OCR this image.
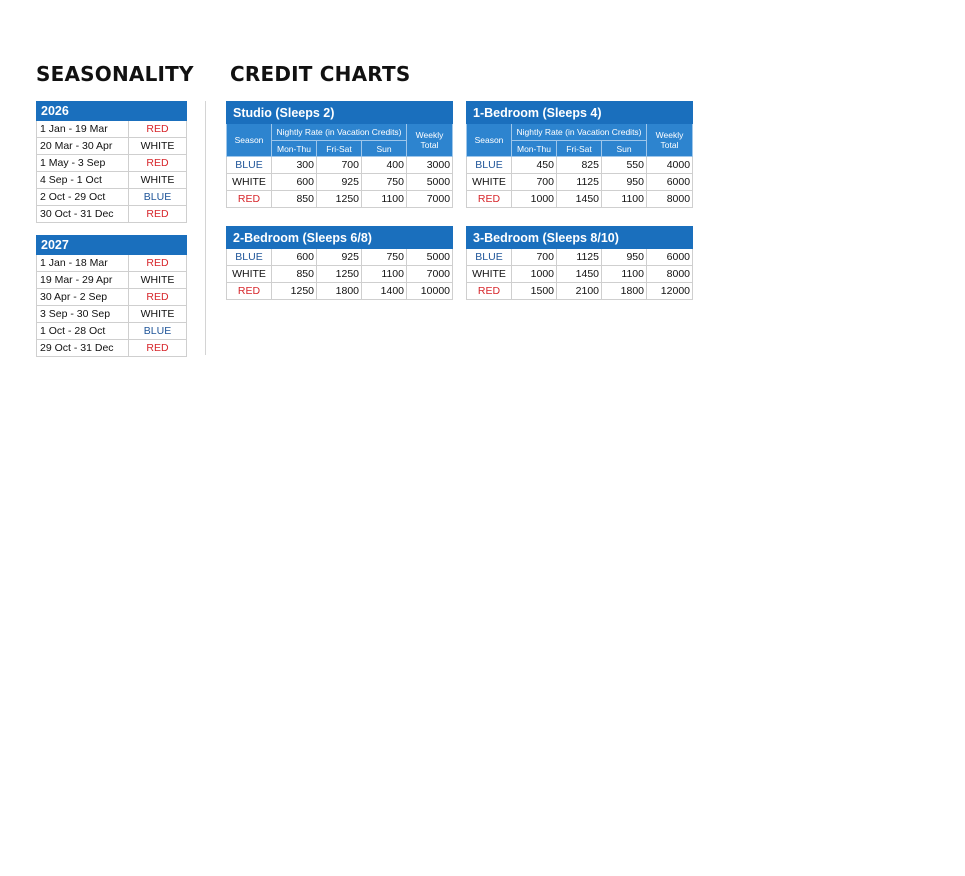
SEASONALITY CREDIT CHARTS
2026	
1 Jan - 19 Mar	RED
20 Mar - 30 Apr	WHITE
1 May - 3 Sep	RED
4 Sep - 1 Oct	WHITE
2 Oct - 29 Oct	BLUE
30 Oct - 31 Dec	RED
2027	
1 Jan - 18 Mar	RED
19 Mar - 29 Apr	WHITE
30 Apr - 2 Sep	RED
3 Sep - 30 Sep	WHITE
1 Oct - 28 Oct	BLUE
29 Oct - 31 Dec	RED
Studio (Sleeps 2)				
Season	Nightly Rate (in Vacation Credits)			Weekly Total
	Mon-Thu	Fri-Sat	Sun	
BLUE	300	700	400	3000
WHITE	600	925	750	5000
RED	850	1250	1100	7000
1-Bedroom (Sleeps 4)				
Season	Nightly Rate (in Vacation Credits)			Weekly Total
	Mon-Thu	Fri-Sat	Sun	
BLUE	450	825	550	4000
WHITE	700	1125	950	6000
RED	1000	1450	1100	8000
2-Bedroom (Sleeps 6/8)				
BLUE	600	925	750	5000
WHITE	850	1250	1100	7000
RED	1250	1800	1400	10000
3-Bedroom (Sleeps 8/10)				
BLUE	700	1125	950	6000
WHITE	1000	1450	1100	8000
RED	1500	2100	1800	12000
